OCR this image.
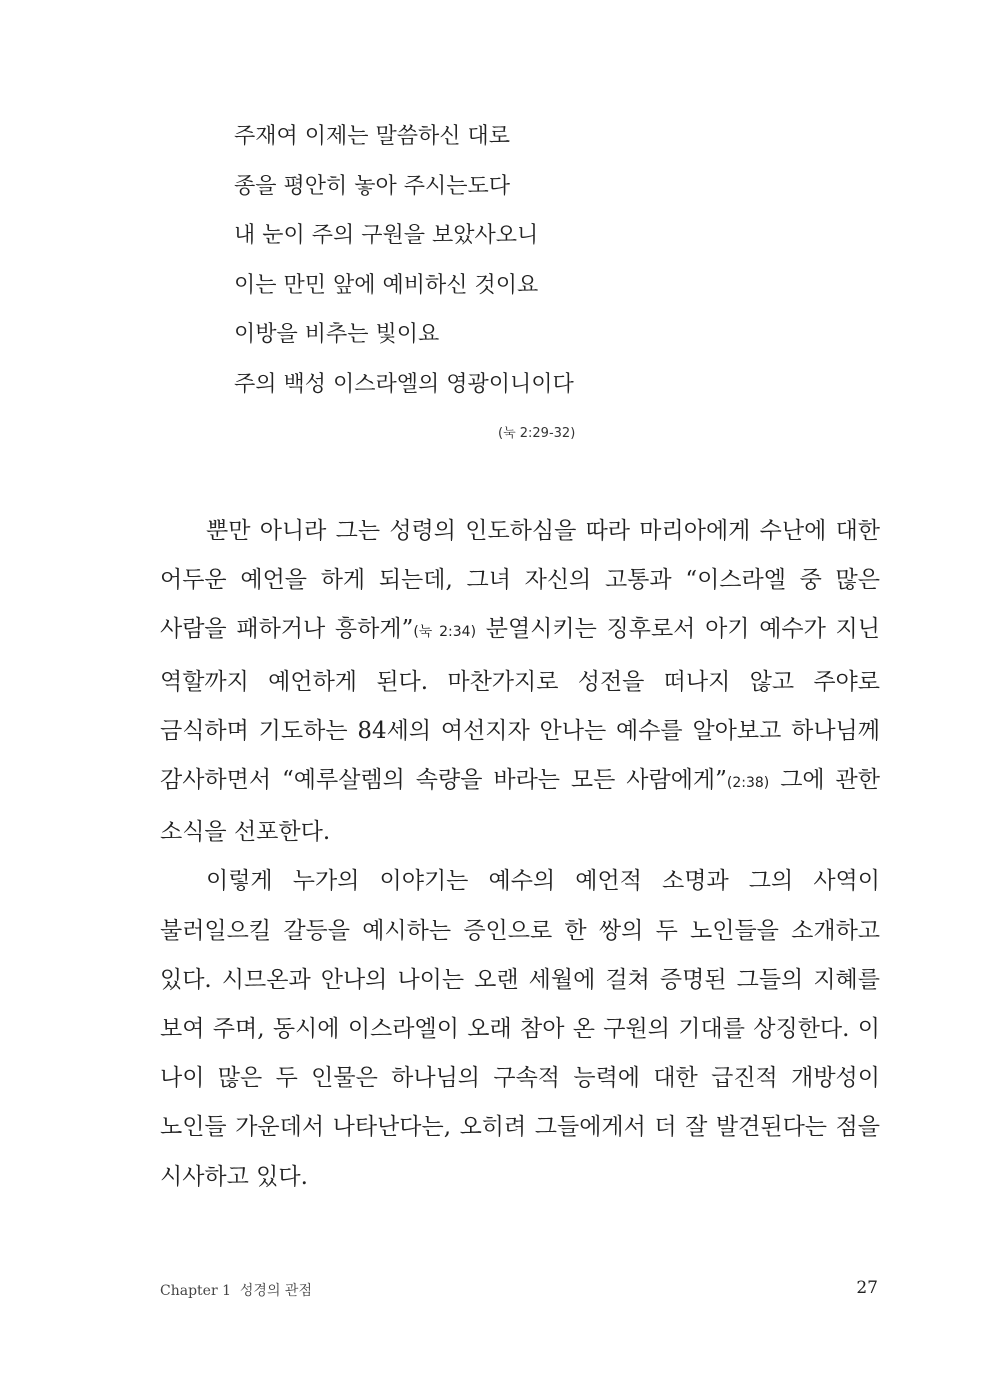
주재여 이제는 말씀하신 대로
종을 평안히 놓아 주시는도다
내 눈이 주의 구원을 보았사오니
이는 만민 앞에 예비하신 것이요
이방을 비추는 빛이요
주의 백성 이스라엘의 영광이니이다
(눅 2:29-32)

뿐만 아니라 그는 성령의 인도하심을 따라 마리아에게 수난에 대한 어두운 예언을 하게 되는데, 그녀 자신의 고통과 “이스라엘 중 많은 사람을 패하거나 흥하게”(눅 2:34) 분열시키는 징후로서 아기 예수가 지닌 역할까지 예언하게 된다. 마찬가지로 성전을 떠나지 않고 주야로 금식하며 기도하는 84세의 여선지자 안나는 예수를 알아보고 하나님께 감사하면서 “예루살렘의 속량을 바라는 모든 사람에게”(2:38) 그에 관한 소식을 선포한다.

이렇게 누가의 이야기는 예수의 예언적 소명과 그의 사역이 불러일으킬 갈등을 예시하는 증인으로 한 쌍의 두 노인들을 소개하고 있다. 시므온과 안나의 나이는 오랜 세월에 걸쳐 증명된 그들의 지혜를 보여 주며, 동시에 이스라엘이 오래 참아 온 구원의 기대를 상징한다. 이 나이 많은 두 인물은 하나님의 구속적 능력에 대한 급진적 개방성이 노인들 가운데서 나타난다는, 오히려 그들에게서 더 잘 발견된다는 점을 시사하고 있다.

Chapter 1 성경의 관점	27
